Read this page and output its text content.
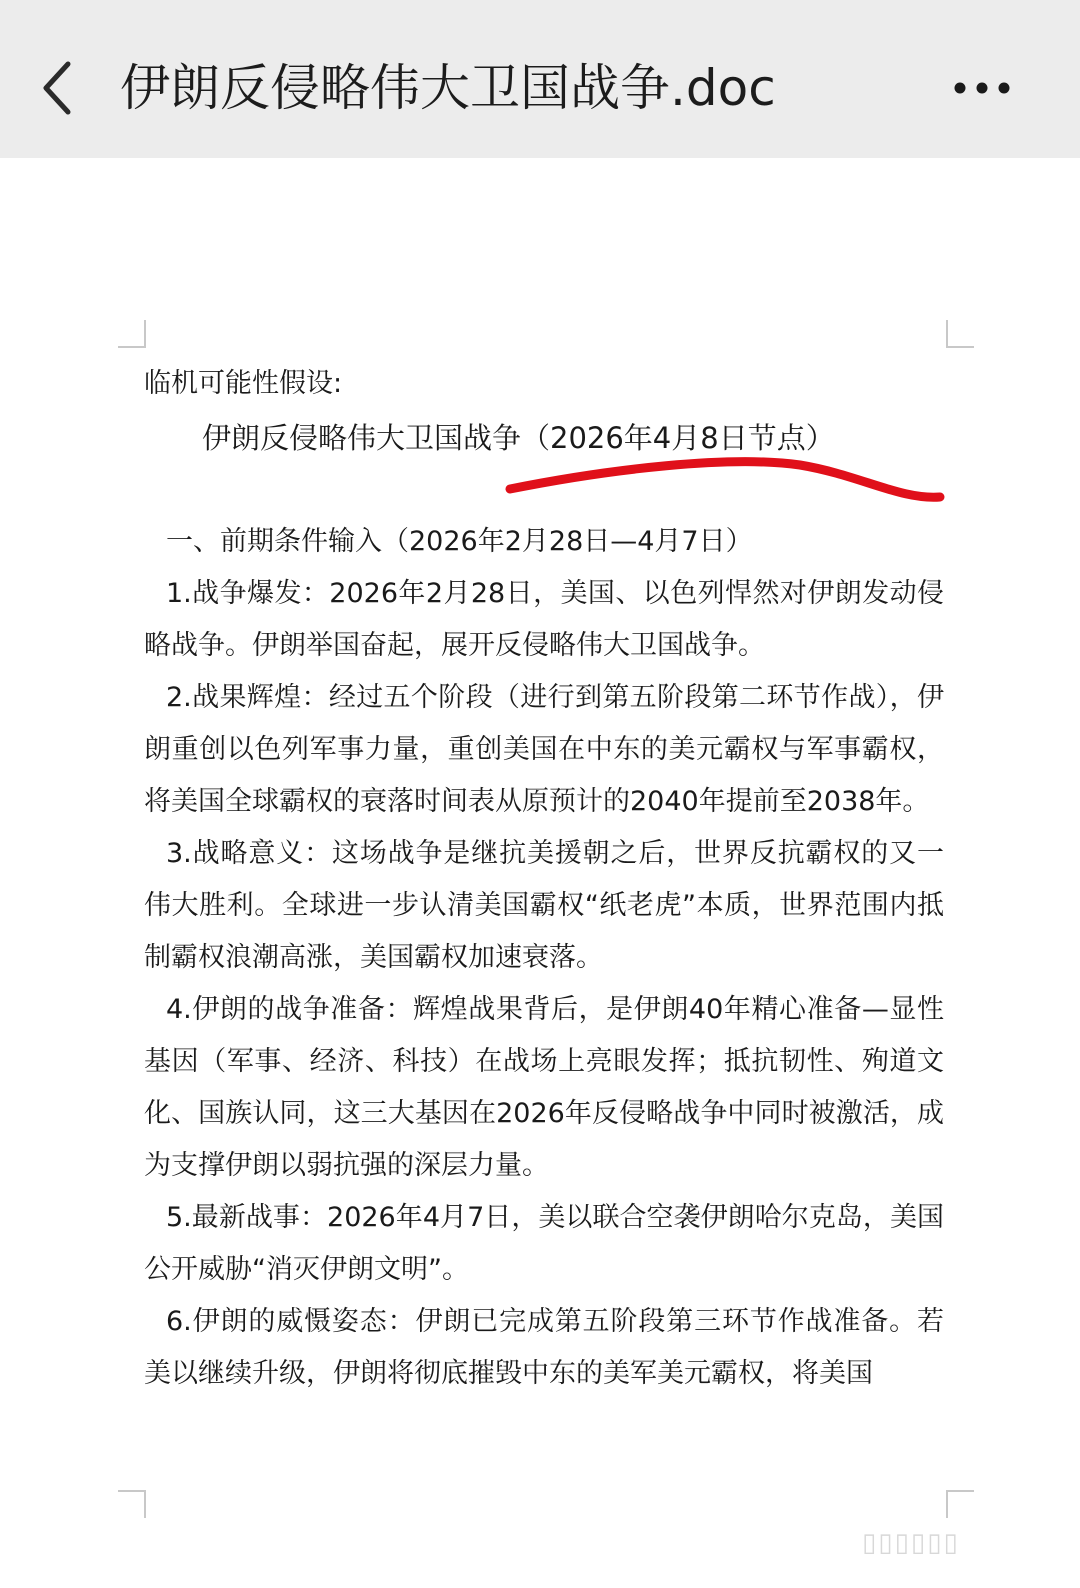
伊朗反侵略伟大卫国战争.doc

临机可能性假设:

伊朗反侵略伟大卫国战争（2026年4月8日节点）

一、前期条件输入（2026年2月28日—4月7日）

1.战争爆发：2026年2月28日，美国、以色列悍然对伊朗发动侵略战争。伊朗举国奋起，展开反侵略伟大卫国战争。

2.战果辉煌：经过五个阶段（进行到第五阶段第二环节作战），伊朗重创以色列军事力量，重创美国在中东的美元霸权与军事霸权，将美国全球霸权的衰落时间表从原预计的2040年提前至2038年。

3.战略意义：这场战争是继抗美援朝之后，世界反抗霸权的又一伟大胜利。全球进一步认清美国霸权“纸老虎”本质，世界范围内抵制霸权浪潮高涨，美国霸权加速衰落。

4.伊朗的战争准备：辉煌战果背后，是伊朗40年精心准备—显性基因（军事、经济、科技）在战场上亮眼发挥；抵抗韧性、殉道文化、国族认同，这三大基因在2026年反侵略战争中同时被激活，成为支撑伊朗以弱抗强的深层力量。

5.最新战事：2026年4月7日，美以联合空袭伊朗哈尔克岛，美国公开威胁“消灭伊朗文明”。

6.伊朗的威慑姿态：伊朗已完成第五阶段第三环节作战准备。若美以继续升级，伊朗将彻底摧毁中东的美军美元霸权，将美国

▯▯▯▯▯▯
